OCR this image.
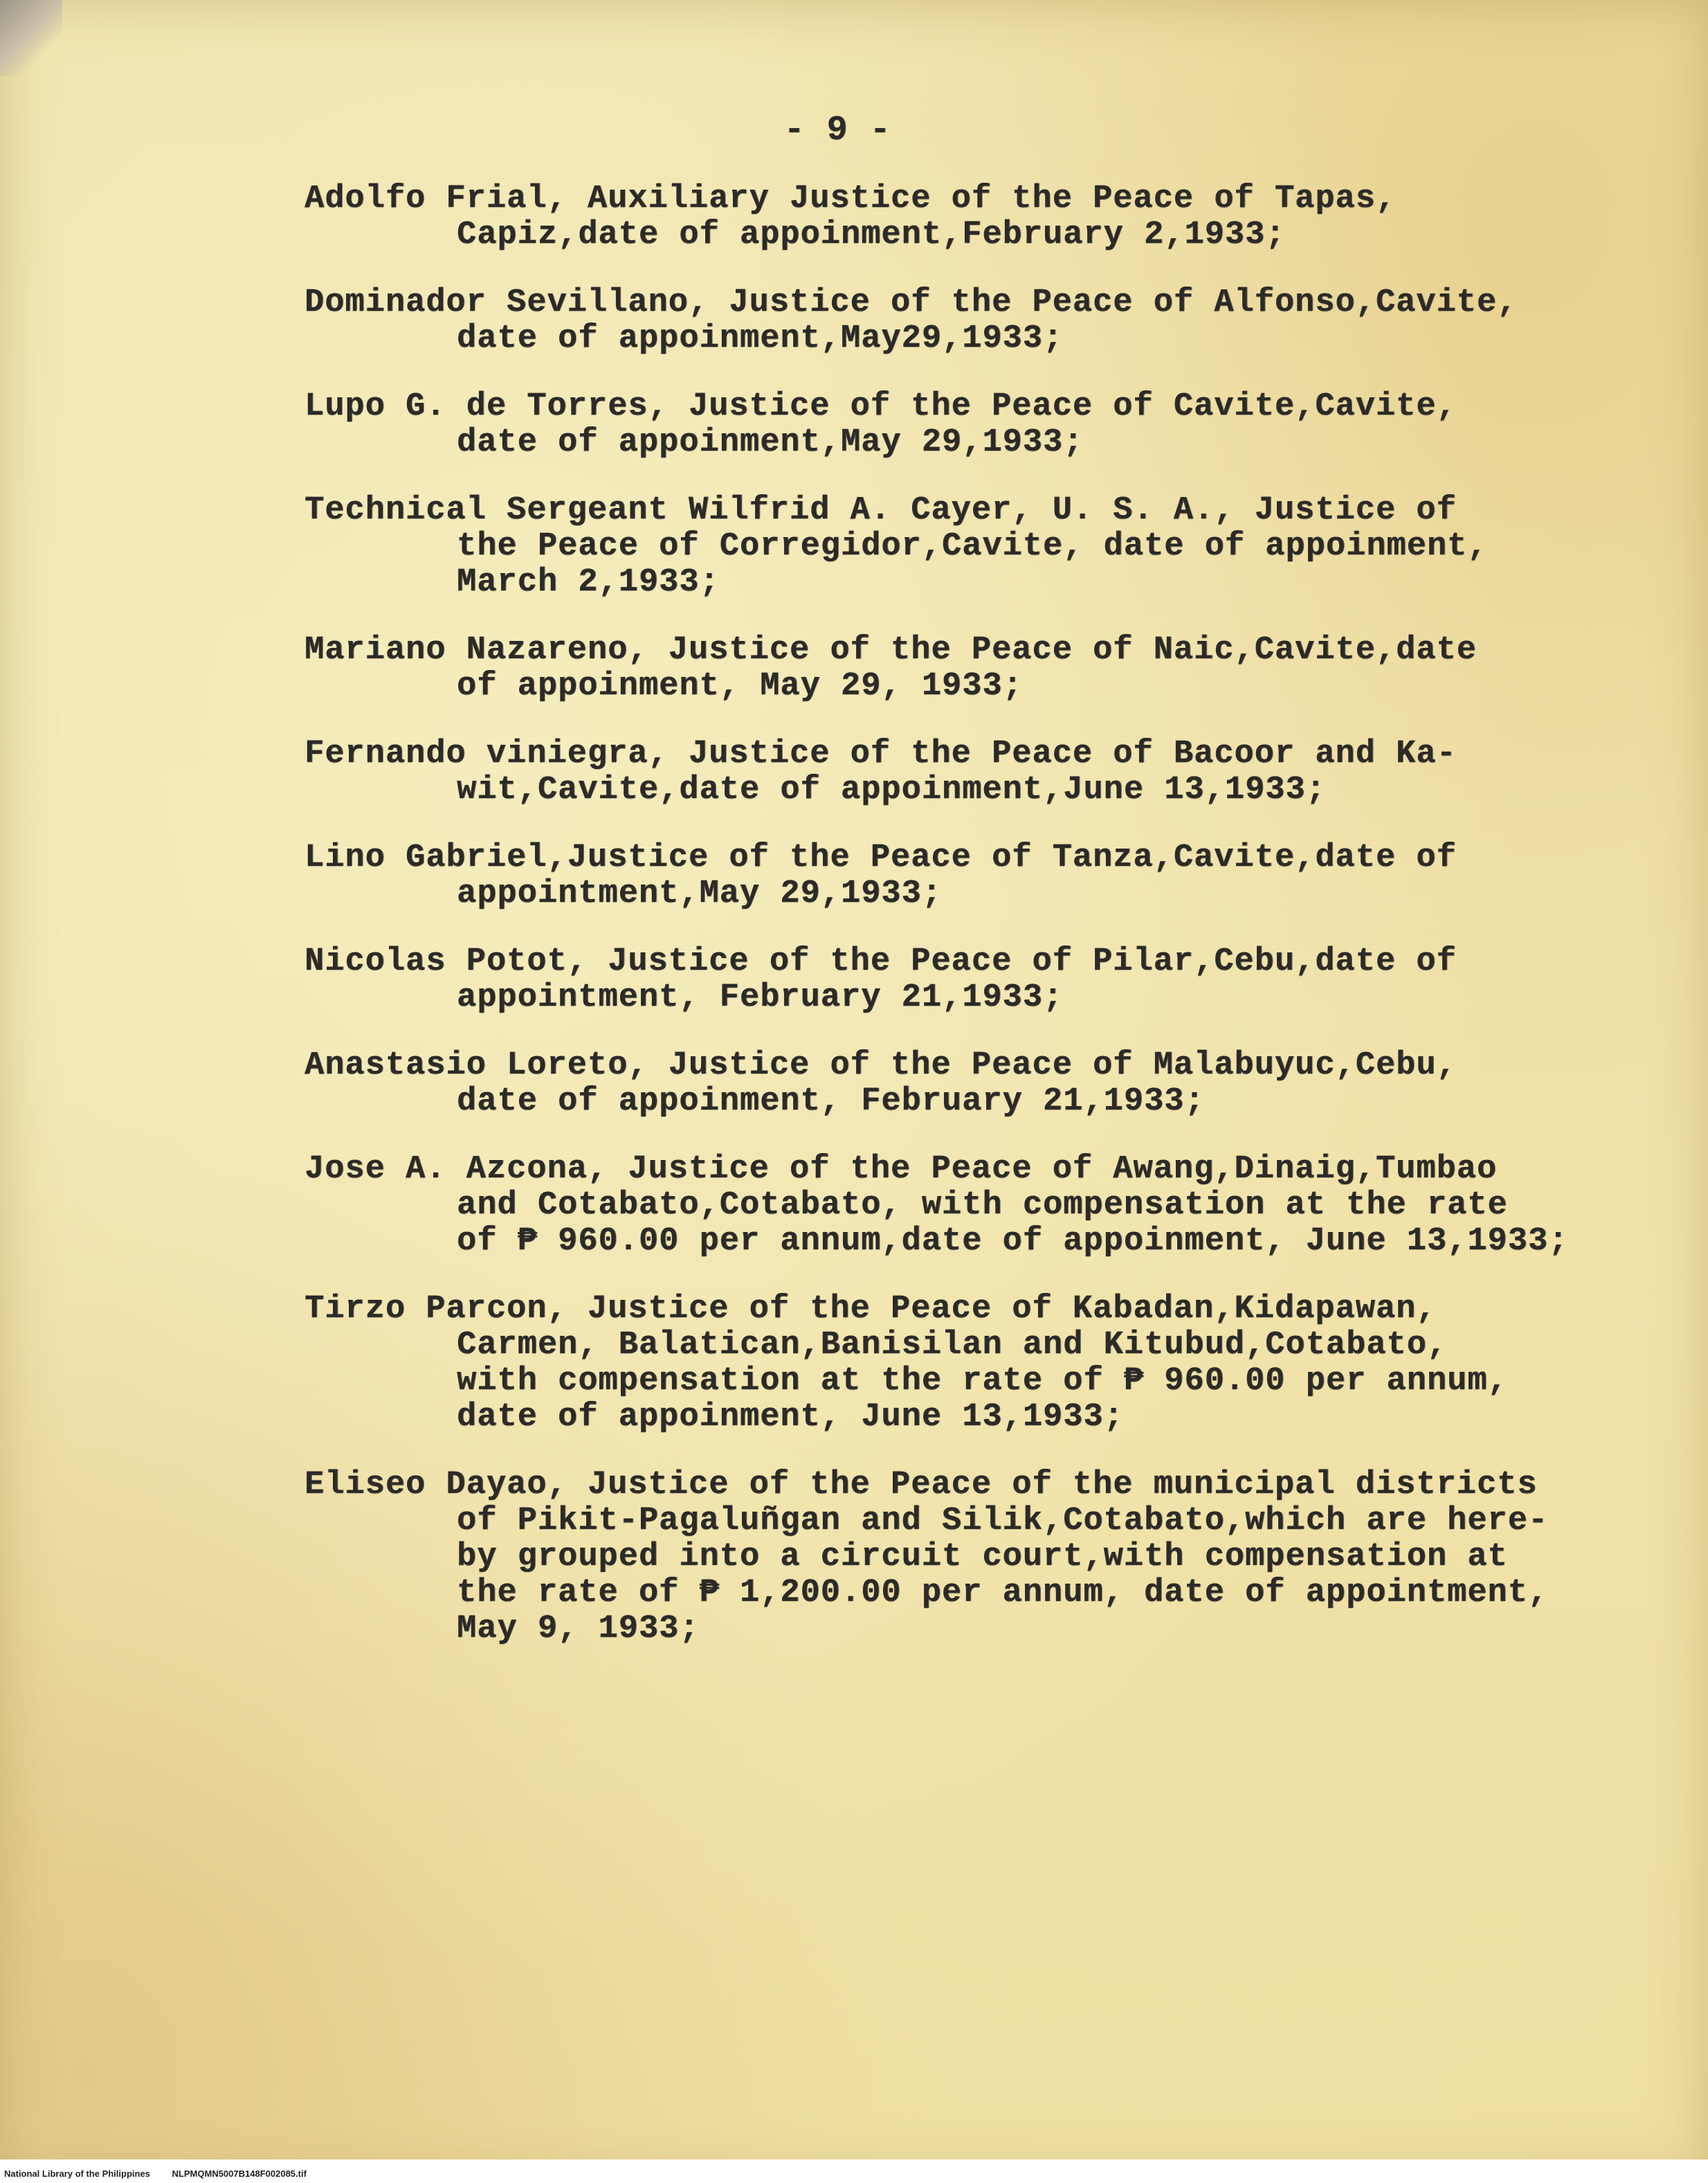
- 9 -
Adolfo Frial, Auxiliary Justice of the Peace of Tapas,
Capiz,date of appoinment,February 2,1933;
Dominador Sevillano, Justice of the Peace of Alfonso,Cavite,
date of appoinment,May29,1933;
Lupo G. de Torres, Justice of the Peace of Cavite,Cavite,
date of appoinment,May 29,1933;
Technical Sergeant Wilfrid A. Cayer, U. S. A., Justice of
the Peace of Corregidor,Cavite, date of appoinment,
March 2,1933;
Mariano Nazareno, Justice of the Peace of Naic,Cavite,date
of appoinment, May 29, 1933;
Fernando viniegra, Justice of the Peace of Bacoor and Ka-
wit,Cavite,date of appoinment,June 13,1933;
Lino Gabriel,Justice of the Peace of Tanza,Cavite,date of
appointment,May 29,1933;
Nicolas Potot, Justice of the Peace of Pilar,Cebu,date of
appointment, February 21,1933;
Anastasio Loreto, Justice of the Peace of Malabuyuc,Cebu,
date of appoinment, February 21,1933;
Jose A. Azcona, Justice of the Peace of Awang,Dinaig,Tumbao
and Cotabato,Cotabato, with compensation at the rate
of ₱ 960.00 per annum,date of appoinment, June 13,1933;
Tirzo Parcon, Justice of the Peace of Kabadan,Kidapawan,
Carmen, Balatican,Banisilan and Kitubud,Cotabato,
with compensation at the rate of ₱ 960.00 per annum,
date of appoinment, June 13,1933;
Eliseo Dayao, Justice of the Peace of the municipal districts
of Pikit-Pagaluñgan and Silik,Cotabato,which are here-
by grouped into a circuit court,with compensation at
the rate of ₱ 1,200.00 per annum, date of appointment,
May 9, 1933;
National Library of the Philippines NLPMQMN5007B148F002085.tif
